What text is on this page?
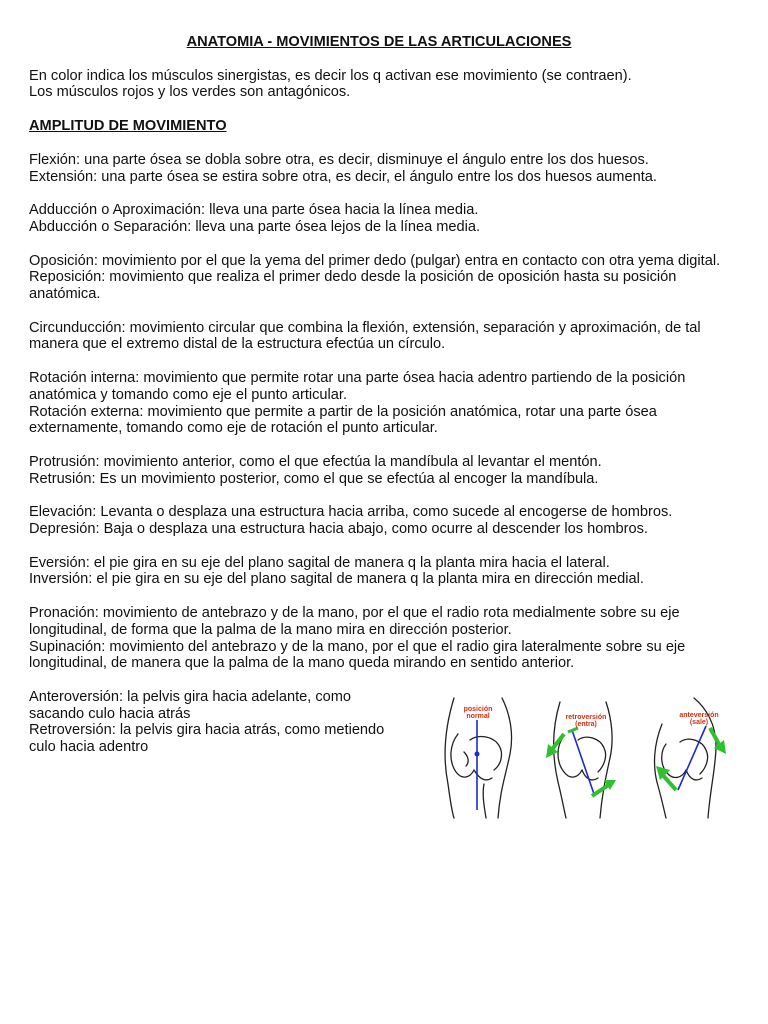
ANATOMIA - MOVIMIENTOS DE LAS ARTICULACIONES
En color indica los músculos sinergistas, es decir los q activan ese movimiento (se contraen).
Los músculos rojos y los verdes son antagónicos.
AMPLITUD DE MOVIMIENTO
Flexión: una parte ósea se dobla sobre otra, es decir, disminuye el ángulo entre los dos huesos.
Extensión: una parte ósea se estira sobre otra, es decir, el ángulo entre los dos huesos aumenta.
Adducción o Aproximación: lleva una parte ósea hacia la línea media.
Abducción o Separación: lleva una parte ósea lejos de la línea media.
Oposición: movimiento por el que la yema del primer dedo (pulgar) entra en contacto con otra yema digital.
Reposición: movimiento que realiza el primer dedo desde la posición de oposición hasta su posición anatómica.
Circunducción: movimiento circular que combina la flexión, extensión, separación y aproximación, de tal manera que el extremo distal de la estructura efectúa un círculo.
Rotación interna: movimiento que permite rotar una parte ósea hacia adentro partiendo de la posición anatómica y tomando como eje el punto articular.
Rotación externa: movimiento que permite a partir de la posición anatómica, rotar una parte ósea externamente, tomando como eje de rotación el punto articular.
Protrusión: movimiento anterior, como el que efectúa la mandíbula al levantar el mentón.
Retrusión: Es un movimiento posterior, como el que se efectúa al encoger la mandíbula.
Elevación: Levanta o desplaza una estructura hacia arriba, como sucede al encogerse de hombros.
Depresión: Baja o desplaza una estructura hacia abajo, como ocurre al descender los hombros.
Eversión: el pie gira en su eje del plano sagital de manera q la planta mira hacia el lateral.
Inversión: el pie gira en su eje del plano sagital de manera q la planta mira en dirección medial.
Pronación: movimiento de antebrazo y de la mano, por el que el radio rota medialmente sobre su eje longitudinal, de forma que la palma de la mano mira en dirección posterior.
Supinación: movimiento del antebrazo y de la mano, por el que el radio gira lateralmente sobre su eje longitudinal, de manera que la palma de la mano queda mirando en sentido anterior.
Anteroversión: la pelvis gira hacia adelante, como sacando culo hacia atrás
Retroversión: la pelvis gira hacia atrás, como metiendo culo hacia adentro
posición normal	retroversión (entra)
anteversión (sale)
